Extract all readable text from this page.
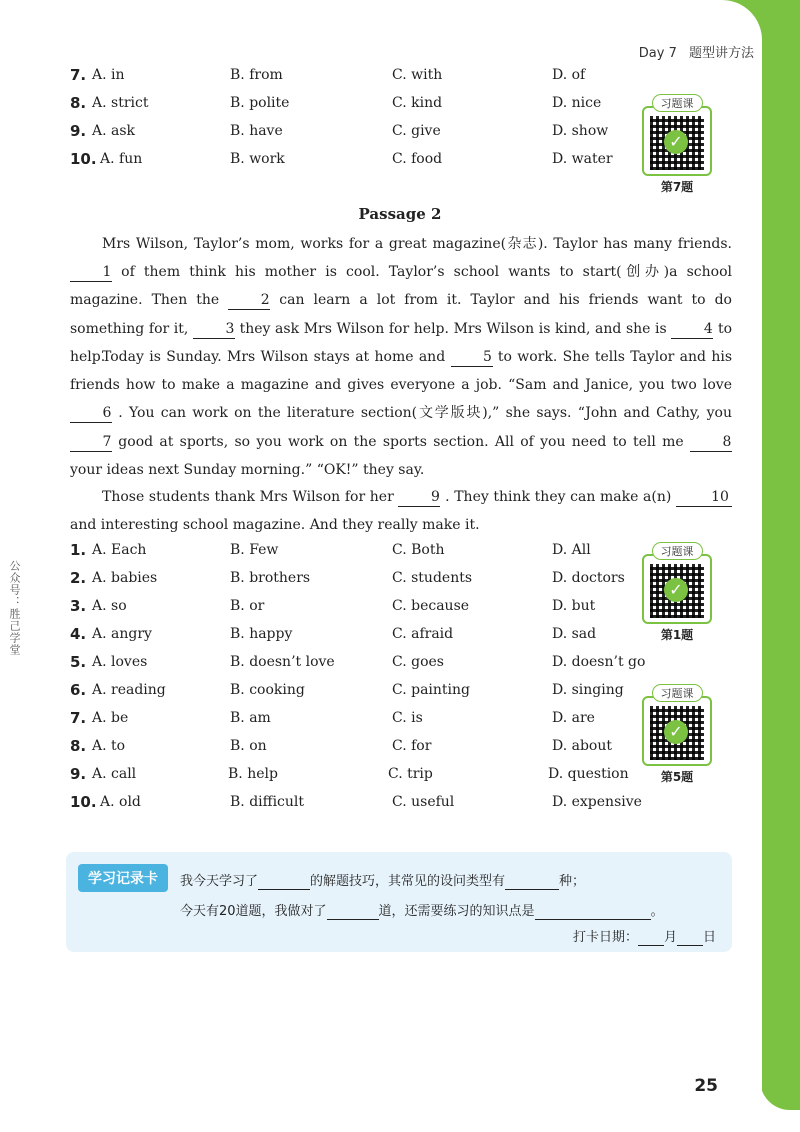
Day 7 题型讲方法
7. A. in	B. from	C. with	D. of
8. A. strict	B. polite	C. kind	D. nice
9. A. ask	B. have	C. give	D. show
10. A. fun	B. work	C. food	D. water
习题课
✓
第7题
Passage 2
Mrs Wilson, Taylor’s mom, works for a great magazine(杂志). Taylor has many friends. 1 of them think his mother is cool. Taylor’s school wants to start(创办)a school magazine. Then the	2 can learn a lot from it. Taylor and his friends want to do something for it,	3 they ask Mrs Wilson for help. Mrs Wilson is kind, and she is	4 to help.
Today is Sunday. Mrs Wilson stays at home and	5 to work. She tells Taylor and his friends how to make a magazine and gives everyone a job. “Sam and Janice, you two love 6 . You can work on the literature section(文学版块),” she says. “John and Cathy, you 7 good at sports, so you work on the sports section. All of you need to tell me	8 your ideas next Sunday morning.” “OK!” they say.
Those students thank Mrs Wilson for her	9 . They think they can make a(n)	10 and interesting school magazine. And they really make it.
1. A. Each	B. Few	C. Both	D. All
2. A. babies	B. brothers	C. students	D. doctors
3. A. so	B. or	C. because	D. but
4. A. angry	B. happy	C. afraid	D. sad
5. A. loves	B. doesn’t love	C. goes	D. doesn’t go
6. A. reading	B. cooking	C. painting	D. singing
7. A. be	B. am	C. is	D. are
8. A. to	B. on	C. for	D. about
9. A. call	B. help	C. trip	D. question
10. A. old	B. difficult	C. useful	D. expensive
习题课
✓
第1题
习题课
✓
第5题
公众号：胜己学堂
学习记录卡	我今天学习了	的解题技巧，其常见的设问类型有	种；
今天有20道题，我做对了	道，还需要练习的知识点是	。
打卡日期： 月 日
25
